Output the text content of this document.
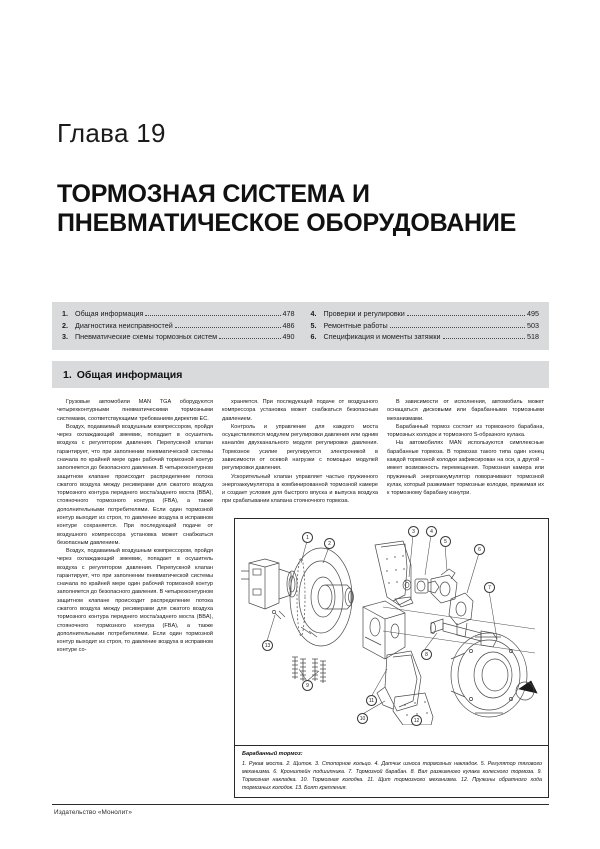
Глава 19
ТОРМОЗНАЯ СИСТЕМА И ПНЕВМАТИЧЕСКОЕ ОБОРУДОВАНИЕ
1. Общая информация	478
2. Диагностика неисправностей	486
3. Пневматические схемы тормозных систем	490
4. Проверки и регулировки	495
5. Ремонтные работы	503
6. Спецификация и моменты затяжки	518
1. Общая информация

Грузовые автомобили MAN TGA оборудуются четырехконтурными пневматическими тормозными системами, соответствующими требованиям директив ЕС.

Воздух, подаваемый воздушным компрессором, пройдя через охлаждающий змеевик, попадает в осушитель воздуха с регулятором давления. Перепускной клапан гарантирует, что при заполнении пневматической системы сначала по крайней мере один рабочий тормозной контур заполняется до безопасного давления. В четырехконтурном защитном клапане происходит распределение потока сжатого воздуха между ресиверами для сжатого воздуха тормозного контура переднего моста/заднего моста (BBA), стояночного тормозного контура (FBA), а также дополнительными потребителями. Если один тормозной контур выходит из строя, то давление воздуха в исправном контуре сохраняется. При последующей подаче от воздушного компрессора установка может снабжаться безопасным давлением.

Воздух, подаваемый воздушным компрессором, пройдя через охлаждающий змеевик, попадает в осушитель воздуха с регулятором давления. Перепускной клапан гарантирует, что при заполнении пневматической системы сначала по крайней мере один рабочий тормозной контур заполняется до безопасного давления. В четырехконтурном защитном клапане происходит распределение потока сжатого воздуха между ресиверами для сжатого воздуха тормозного контура переднего моста/заднего моста (BBA), стояночного тормозного контура (FBA), а также дополнительными потребителями. Если один тормозной контур выходит из строя, то давление воздуха в исправном контуре со-

храняется. При последующей подаче от воздушного компрессора установка может снабжаться безопасным давлением.

Контроль и управление для каждого моста осуществляются модулем регулировки давления или одним канало́м двухканального модуля регулировки давления. Тормозное усилие регулируется электроникой в зависимости от осевой нагрузки с помощью модулей регулировки давления.

Ускорительный клапан управляет частью пружинного энергоаккумулятора в комбинированной тормозной камере и создает условия для быстрого впуска и выпуска воздуха при срабатывании клапана стояночного тормоза.

В зависимости от исполнения, автомобиль может оснащаться дисковыми или барабанными тормозными механизмами.

Барабанный тормоз состоит из тормозного барабана, тормозных колодок и тормозного S-образного кулака.

На автомобилях MAN используются симплексные барабанные тормоза. В тормозах такого типа один конец каждой тормозной колодки зафиксирован на оси, а другой – имеет возможность перемещения. Тормозная камера или пружинный энергоаккумулятор поворачивают тормозной кулак, который разжимает тормозные колодки, прижимая их к тормозному барабану изнутри.

1
2
3	4
5
6
7
8
9
10
11
12
13
Барабанный тормоз:
1. Рукав моста. 2. Щиток. 3. Стопорное кольцо. 4. Датчик износа тормозных накладок. 5. Регулятор тягового механизма. 6. Кронштейн подшипника. 7. Тормозной барабан. 8. Вал разжимного кулака колесного тормоза. 9. Тормозная накладка. 10. Тормозная колодка. 11. Щит тормозного механизма. 12. Пружины обратного хода тормозных колодок. 13. Болт крепления.
Издательство «Монолит»
